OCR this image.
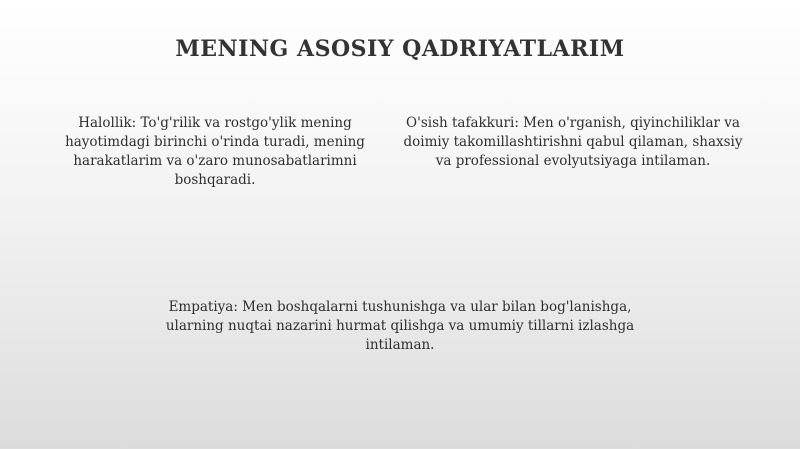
MENING ASOSIY QADRIYATLARIM
Halollik: To'g'rilik va rostgo'ylik mening hayotimdagi birinchi o'rinda turadi, mening harakatlarim va o'zaro munosabatlarimni boshqaradi.
O'sish tafakkuri: Men o'rganish, qiyinchiliklar va doimiy takomillashtirishni qabul qilaman, shaxsiy va professional evolyutsiyaga intilaman.
Empatiya: Men boshqalarni tushunishga va ular bilan bog'lanishga, ularning nuqtai nazarini hurmat qilishga va umumiy tillarni izlashga intilaman.
